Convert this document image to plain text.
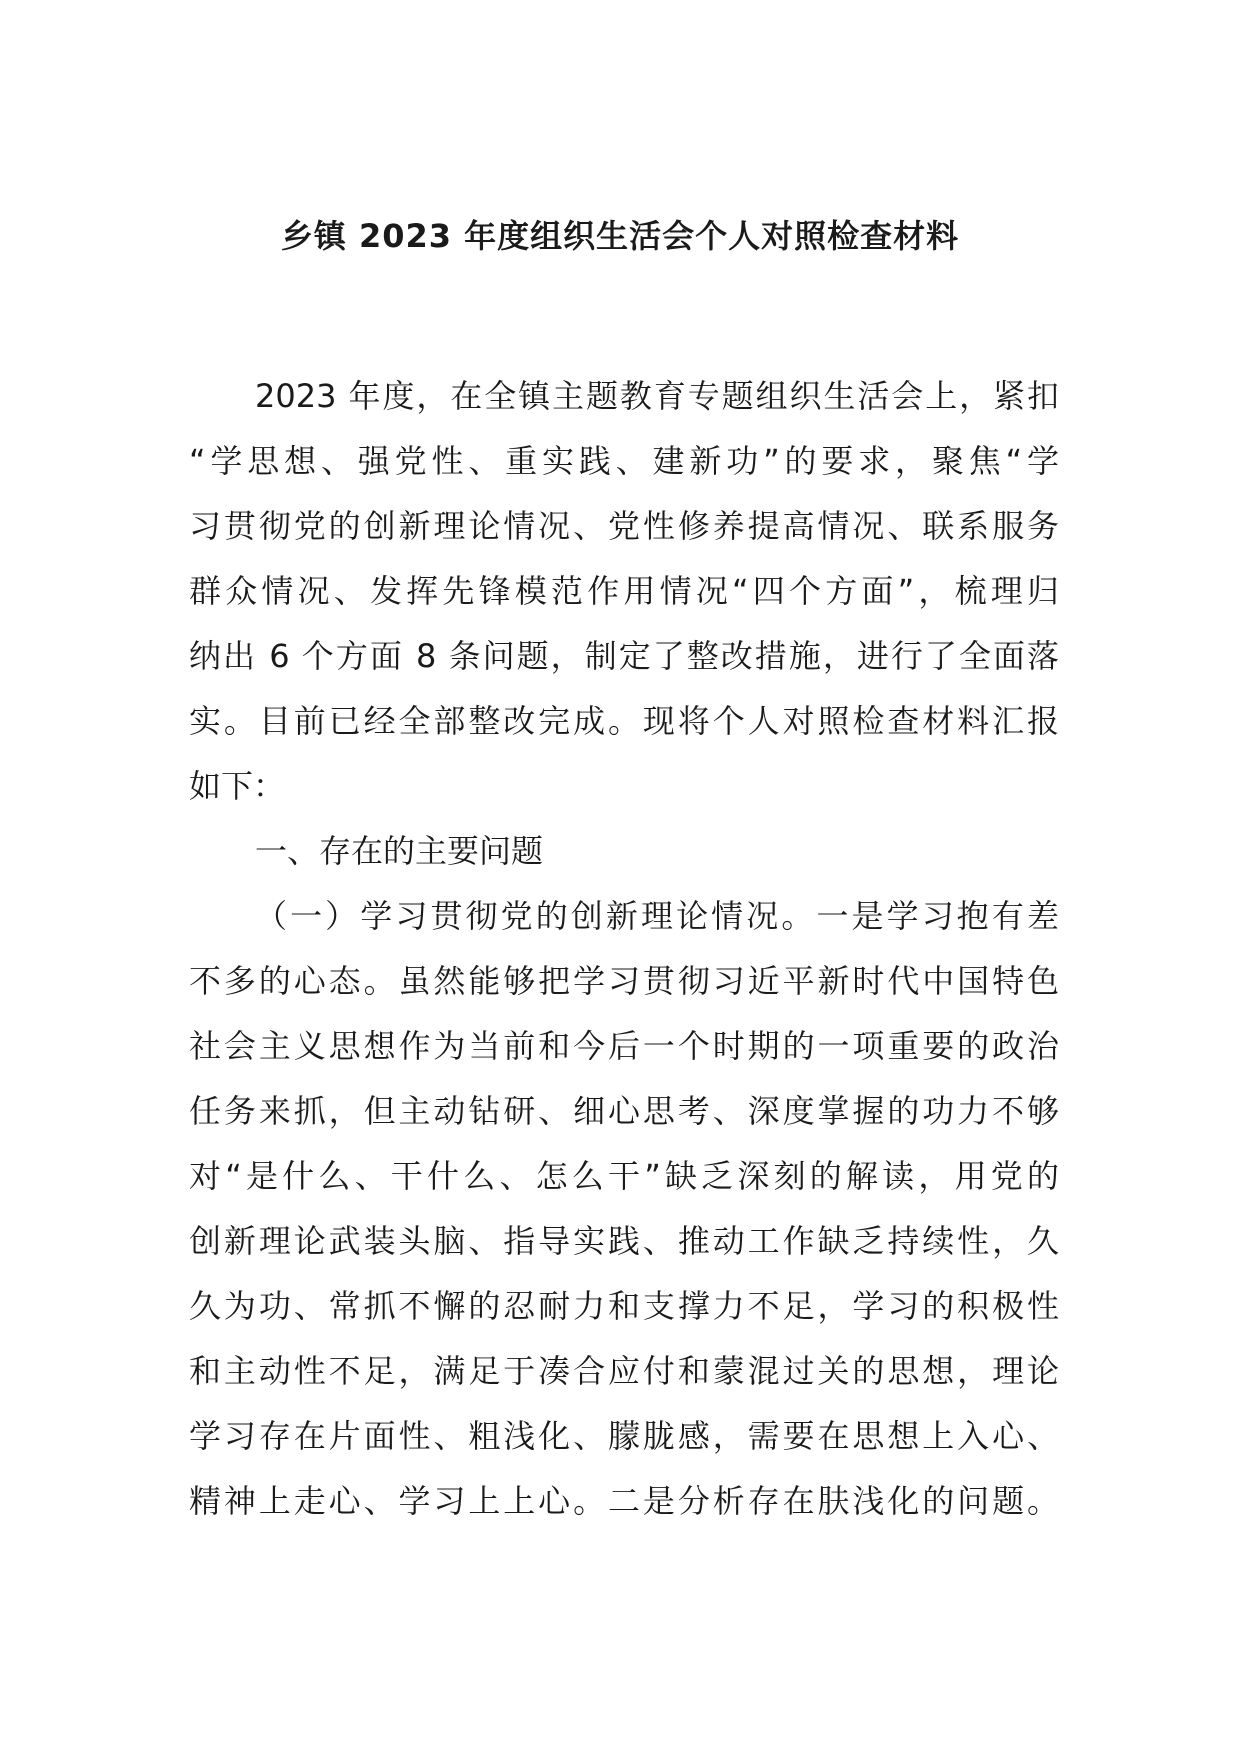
乡镇 2023 年度组织生活会个人对照检查材料
2023 年度，在全镇主题教育专题组织生活会上，紧扣
“学思想、强党性、重实践、建新功”的要求，聚焦“学
习贯彻党的创新理论情况、党性修养提高情况、联系服务
群众情况、发挥先锋模范作用情况“四个方面”，梳理归
纳出 6 个方面 8 条问题，制定了整改措施，进行了全面落
实。目前已经全部整改完成。现将个人对照检查材料汇报
如下：
一、存在的主要问题
（一）学习贯彻党的创新理论情况。一是学习抱有差
不多的心态。虽然能够把学习贯彻习近平新时代中国特色
社会主义思想作为当前和今后一个时期的一项重要的政治
任务来抓，但主动钻研、细心思考、深度掌握的功力不够
对“是什么、干什么、怎么干”缺乏深刻的解读，用党的
创新理论武装头脑、指导实践、推动工作缺乏持续性，久
久为功、常抓不懈的忍耐力和支撑力不足，学习的积极性
和主动性不足，满足于凑合应付和蒙混过关的思想，理论
学习存在片面性、粗浅化、朦胧感，需要在思想上入心、
精神上走心、学习上上心。二是分析存在肤浅化的问题。
